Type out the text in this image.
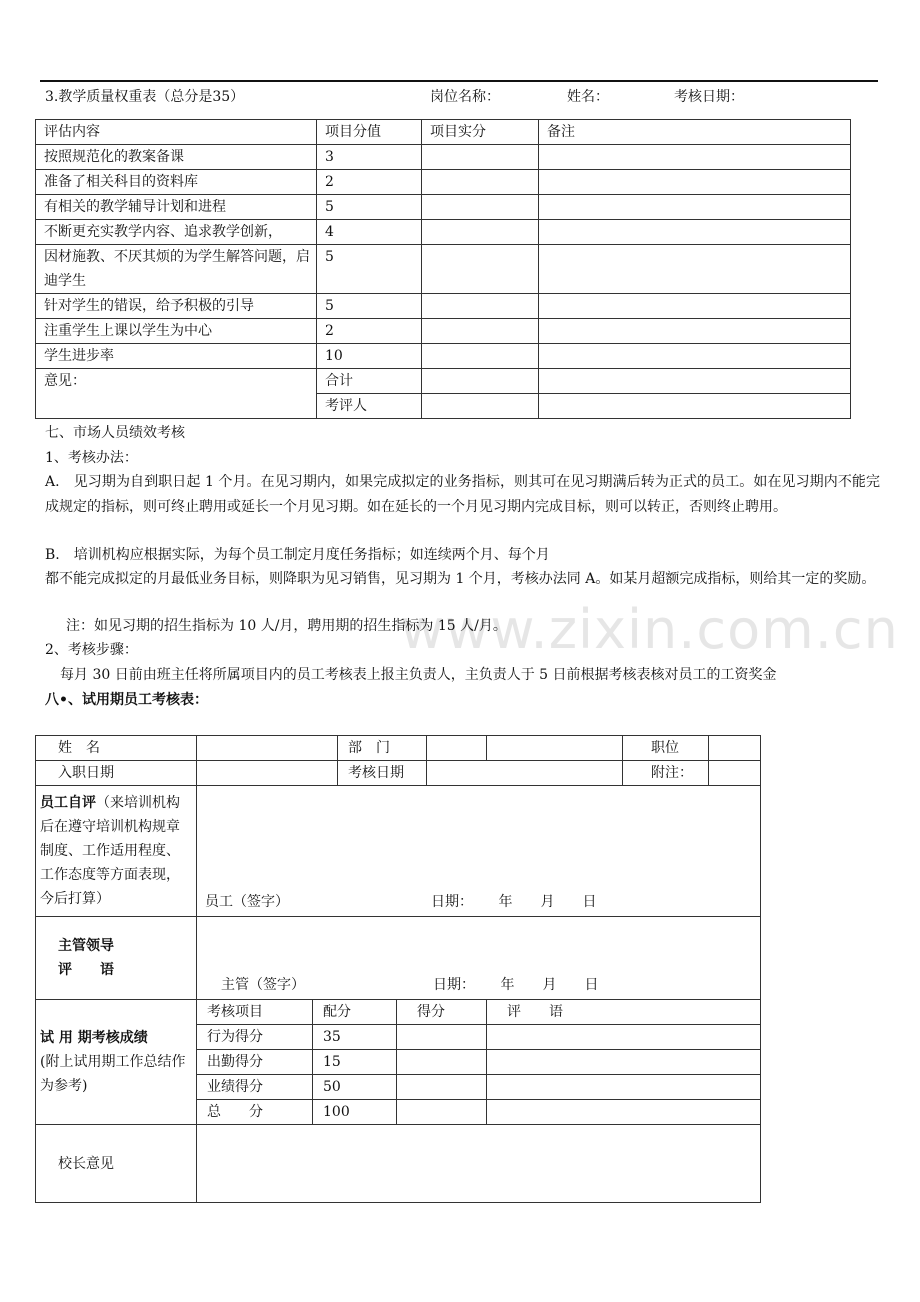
3.教学质量权重表（总分是35）	岗位名称：	姓名：	考核日期：
评估内容	项目分值	项目实分	备注
按照规范化的教案备课	3		
准备了相关科目的资料库	2		
有相关的教学辅导计划和进程	5		
不断更充实教学内容、追求教学创新，	4		
因材施教、不厌其烦的为学生解答问题，启迪学生	5		
针对学生的错误，给予积极的引导	5		
注重学生上课以学生为中心	2		
学生进步率	10		
意见：	合计		
	考评人		
www.zixin.com.cn
七、市场人员绩效考核
1、考核办法：
A.　见习期为自到职日起 1 个月。在见习期内，如果完成拟定的业务指标，则其可在见习期满后转为正式的员工。如在见习期内不能完成规定的指标，则可终止聘用或延长一个月见习期。如在延长的一个月见习期内完成目标，则可以转正，否则终止聘用。
B.　培训机构应根据实际，为每个员工制定月度任务指标；如连续两个月、每个月
都不能完成拟定的月最低业务目标，则降职为见习销售，见习期为 1 个月，考核办法同 A。如某月超额完成指标，则给其一定的奖励。
注：如见习期的招生指标为 10 人/月，聘用期的招生指标为 15 人/月。
2、考核步骤：
每月 30 日前由班主任将所属项目内的员工考核表上报主负责人，主负责人于 5 日前根据考核表核对员工的工资奖金
八•、试用期员工考核表：
姓　名			部　门				职位	
入职日期			考核日期				附注：	
员工自评（来培训机构后在遵守培训机构规章制度、工作适用程度、工作态度等方面表现，今后打算）	员工（签字） 日期：　　 年　　月　　日							

主管领导
评　　语	主管（签字） 日期：　　 年　　月　　日							

试 用 期考核成绩
(附上试用期工作总结作为参考)	考核项目	配分		得分		评　　语		
	行为得分	35						
	出勤得分	15						
	业绩得分	50						
	总　　分	100						
校长意见								
